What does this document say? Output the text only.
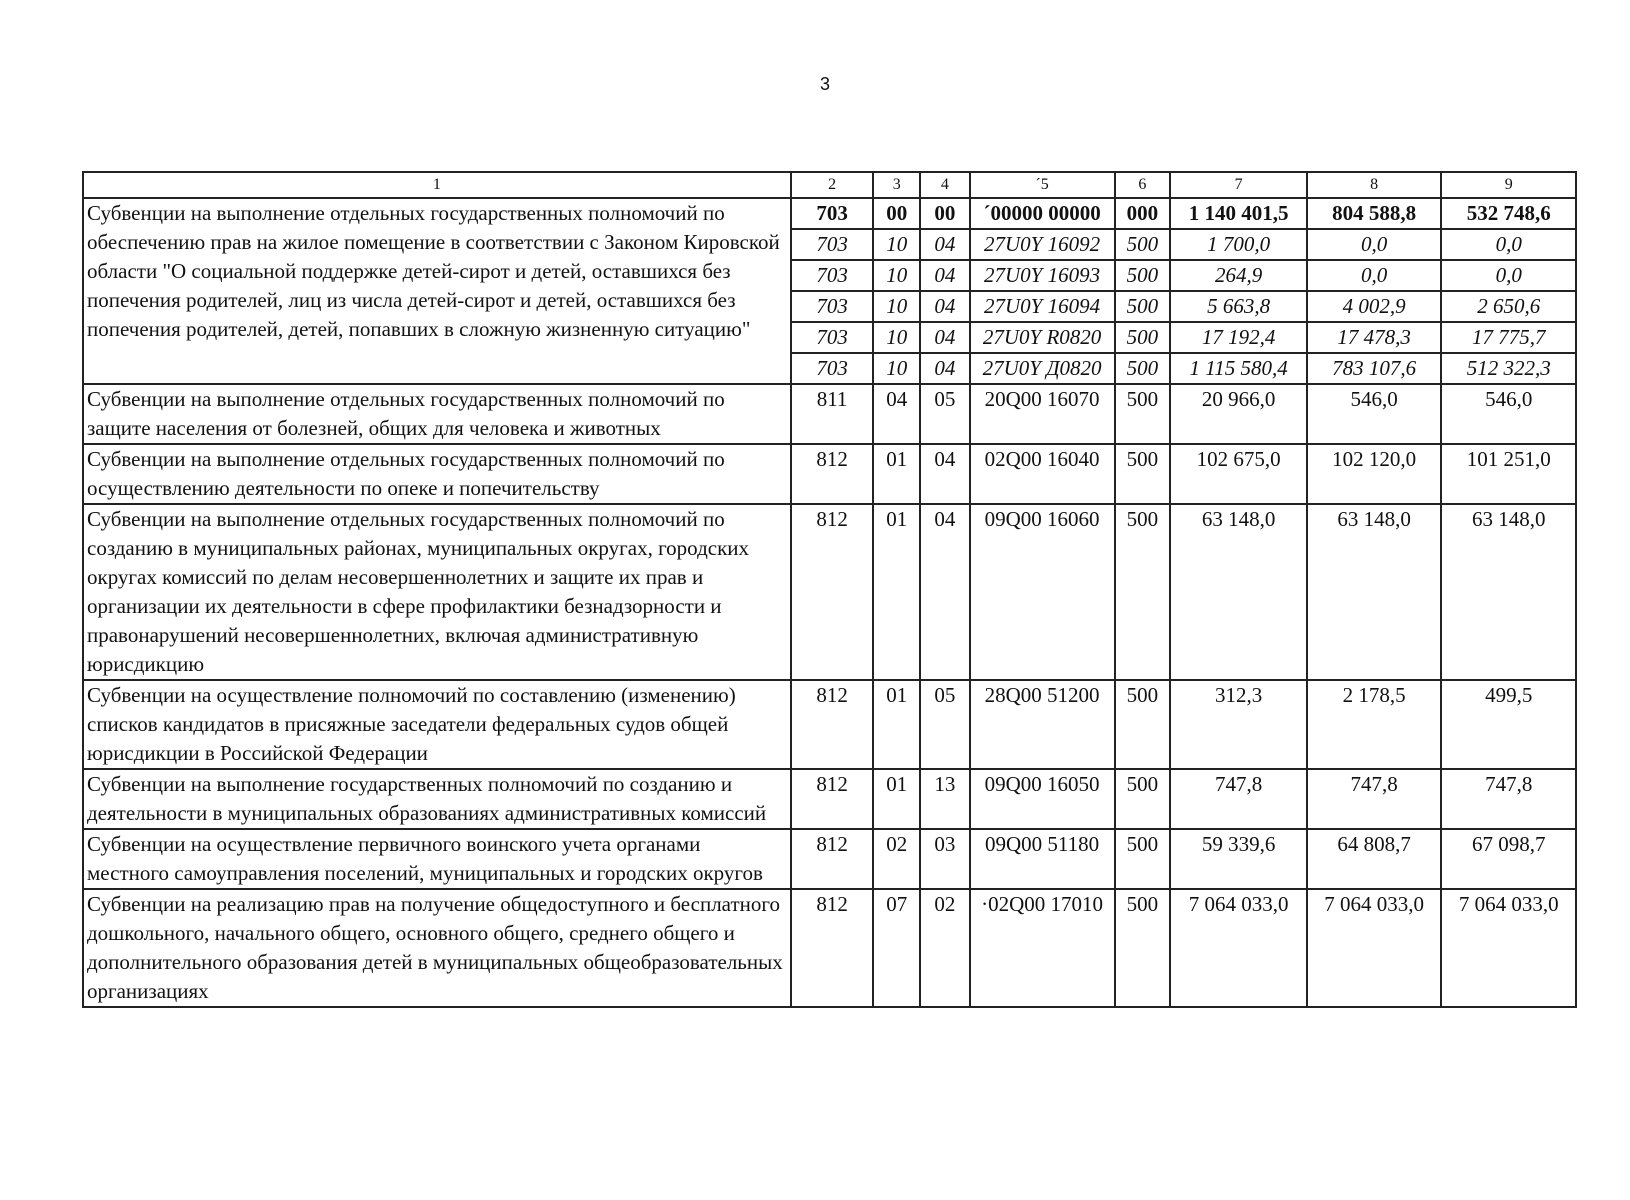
3
1	2	3	4	´5	6	7	8	9
Субвенции на выполнение отдельных государственных полномочий по обеспечению прав на жилое помещение в соответствии с Законом Кировской области "О социальной поддержке детей-сирот и детей, оставшихся без попечения родителей, лиц из числа детей-сирот и детей, оставшихся без попечения родителей, детей, попавших в сложную жизненную ситуацию"	703	00	00	´00000 00000	000	1 140 401,5	804 588,8	532 748,6
	703	10	04	27U0Y 16092	500	1 700,0	0,0	0,0
	703	10	04	27U0Y 16093	500	264,9	0,0	0,0
	703	10	04	27U0Y 16094	500	5 663,8	4 002,9	2 650,6
	703	10	04	27U0Y R0820	500	17 192,4	17 478,3	17 775,7
	703	10	04	27U0Y Д0820	500	1 115 580,4	783 107,6	512 322,3
Субвенции на выполнение отдельных государственных полномочий по защите населения от болезней, общих для человека и животных	811	04	05	20Q00 16070	500	20 966,0	546,0	546,0
Субвенции на выполнение отдельных государственных полномочий по осуществлению деятельности по опеке и попечительству	812	01	04	02Q00 16040	500	102 675,0	102 120,0	101 251,0
Субвенции на выполнение отдельных государственных полномочий по созданию в муниципальных районах, муниципальных округах, городских округах комиссий по делам несовершеннолетних и защите их прав и организации их деятельности в сфере профилактики безнадзорности и правонарушений несовершеннолетних, включая административную юрисдикцию	812	01	04	09Q00 16060	500	63 148,0	63 148,0	63 148,0
Субвенции на осуществление полномочий по составлению (изменению) списков кандидатов в присяжные заседатели федеральных судов общей юрисдикции в Российской Федерации	812	01	05	28Q00 51200	500	312,3	2 178,5	499,5
Субвенции на выполнение государственных полномочий по созданию и деятельности в муниципальных образованиях административных комиссий	812	01	13	09Q00 16050	500	747,8	747,8	747,8
Субвенции на осуществление первичного воинского учета органами местного самоуправления поселений, муниципальных и городских округов	812	02	03	09Q00 51180	500	59 339,6	64 808,7	67 098,7
Субвенции на реализацию прав на получение общедоступного и бесплатного дошкольного, начального общего, основного общего, среднего общего и дополнительного образования детей в муниципальных общеобразовательных организациях	812	07	02	·02Q00 17010	500	7 064 033,0	7 064 033,0	7 064 033,0
